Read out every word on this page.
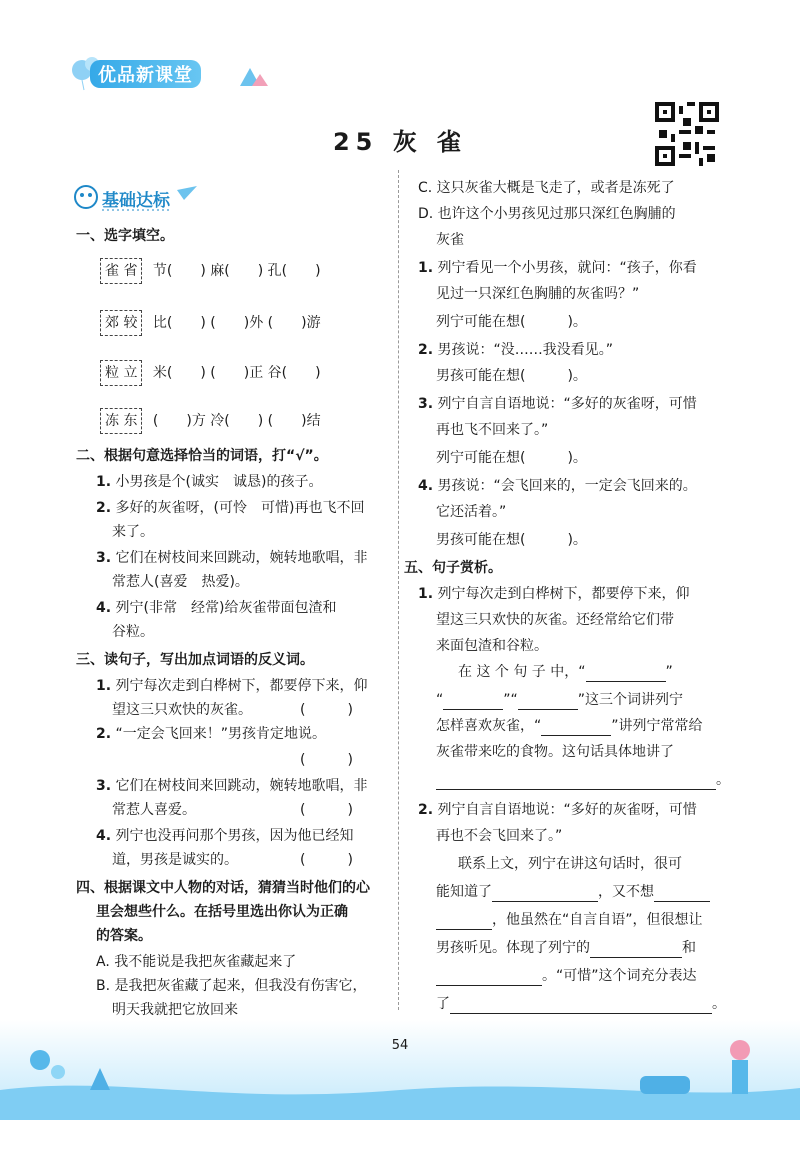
优品新课堂
25 灰 雀
基础达标
一、选字填空。
雀 省 节(　　) 麻(　　) 孔(　　)
郊 较 比(　　) (　　)外 (　　)游
粒 立 米(　　) (　　)正 谷(　　)
冻 东 (　　)方 冷(　　) (　　)结
二、根据句意选择恰当的词语，打“√”。
1. 小男孩是个(诚实　诚恳)的孩子。
2. 多好的灰雀呀，(可怜　可惜)再也飞不回
来了。
3. 它们在树枝间来回跳动，婉转地歌唱，非
常惹人(喜爱　热爱)。
4. 列宁(非常　经常)给灰雀带面包渣和
谷粒。
三、读句子，写出加点词语的反义词。
1. 列宁每次走到白桦树下，都要停下来，仰
望这三只欢快的灰雀。	(　　　)
2. “一定会飞回来！”男孩肯定地说。
(　　　)
3. 它们在树枝间来回跳动，婉转地歌唱，非
常惹人喜爱。	(　　　)
4. 列宁也没再问那个男孩，因为他已经知
道，男孩是诚实的。	(　　　)
四、根据课文中人物的对话，猜猜当时他们的心
里会想些什么。在括号里选出你认为正确
的答案。
A. 我不能说是我把灰雀藏起来了
B. 是我把灰雀藏了起来，但我没有伤害它，
明天我就把它放回来
C. 这只灰雀大概是飞走了，或者是冻死了
D. 也许这个小男孩见过那只深红色胸脯的
灰雀
1. 列宁看见一个小男孩，就问：“孩子，你看
见过一只深红色胸脯的灰雀吗？”
列宁可能在想(　　　)。
2. 男孩说：“没……我没看见。”
男孩可能在想(　　　)。
3. 列宁自言自语地说：“多好的灰雀呀，可惜
再也飞不回来了。”
列宁可能在想(　　　)。
4. 男孩说：“会飞回来的，一定会飞回来的。
它还活着。”
男孩可能在想(　　　)。
五、句子赏析。
1. 列宁每次走到白桦树下，都要停下来，仰
望这三只欢快的灰雀。还经常给它们带
来面包渣和谷粒。
在 这 个 句 子 中，“	”
“	”“	”这三个词讲列宁
怎样喜欢灰雀，“	”讲列宁常常给
灰雀带来吃的食物。这句话具体地讲了
。
2. 列宁自言自语地说：“多好的灰雀呀，可惜
再也不会飞回来了。”
联系上文，列宁在讲这句话时，很可
能知道了	，又不想
，他虽然在“自言自语”，但很想让
男孩听见。体现了列宁的	和
。“可惜”这个词充分表达
了	。
54
